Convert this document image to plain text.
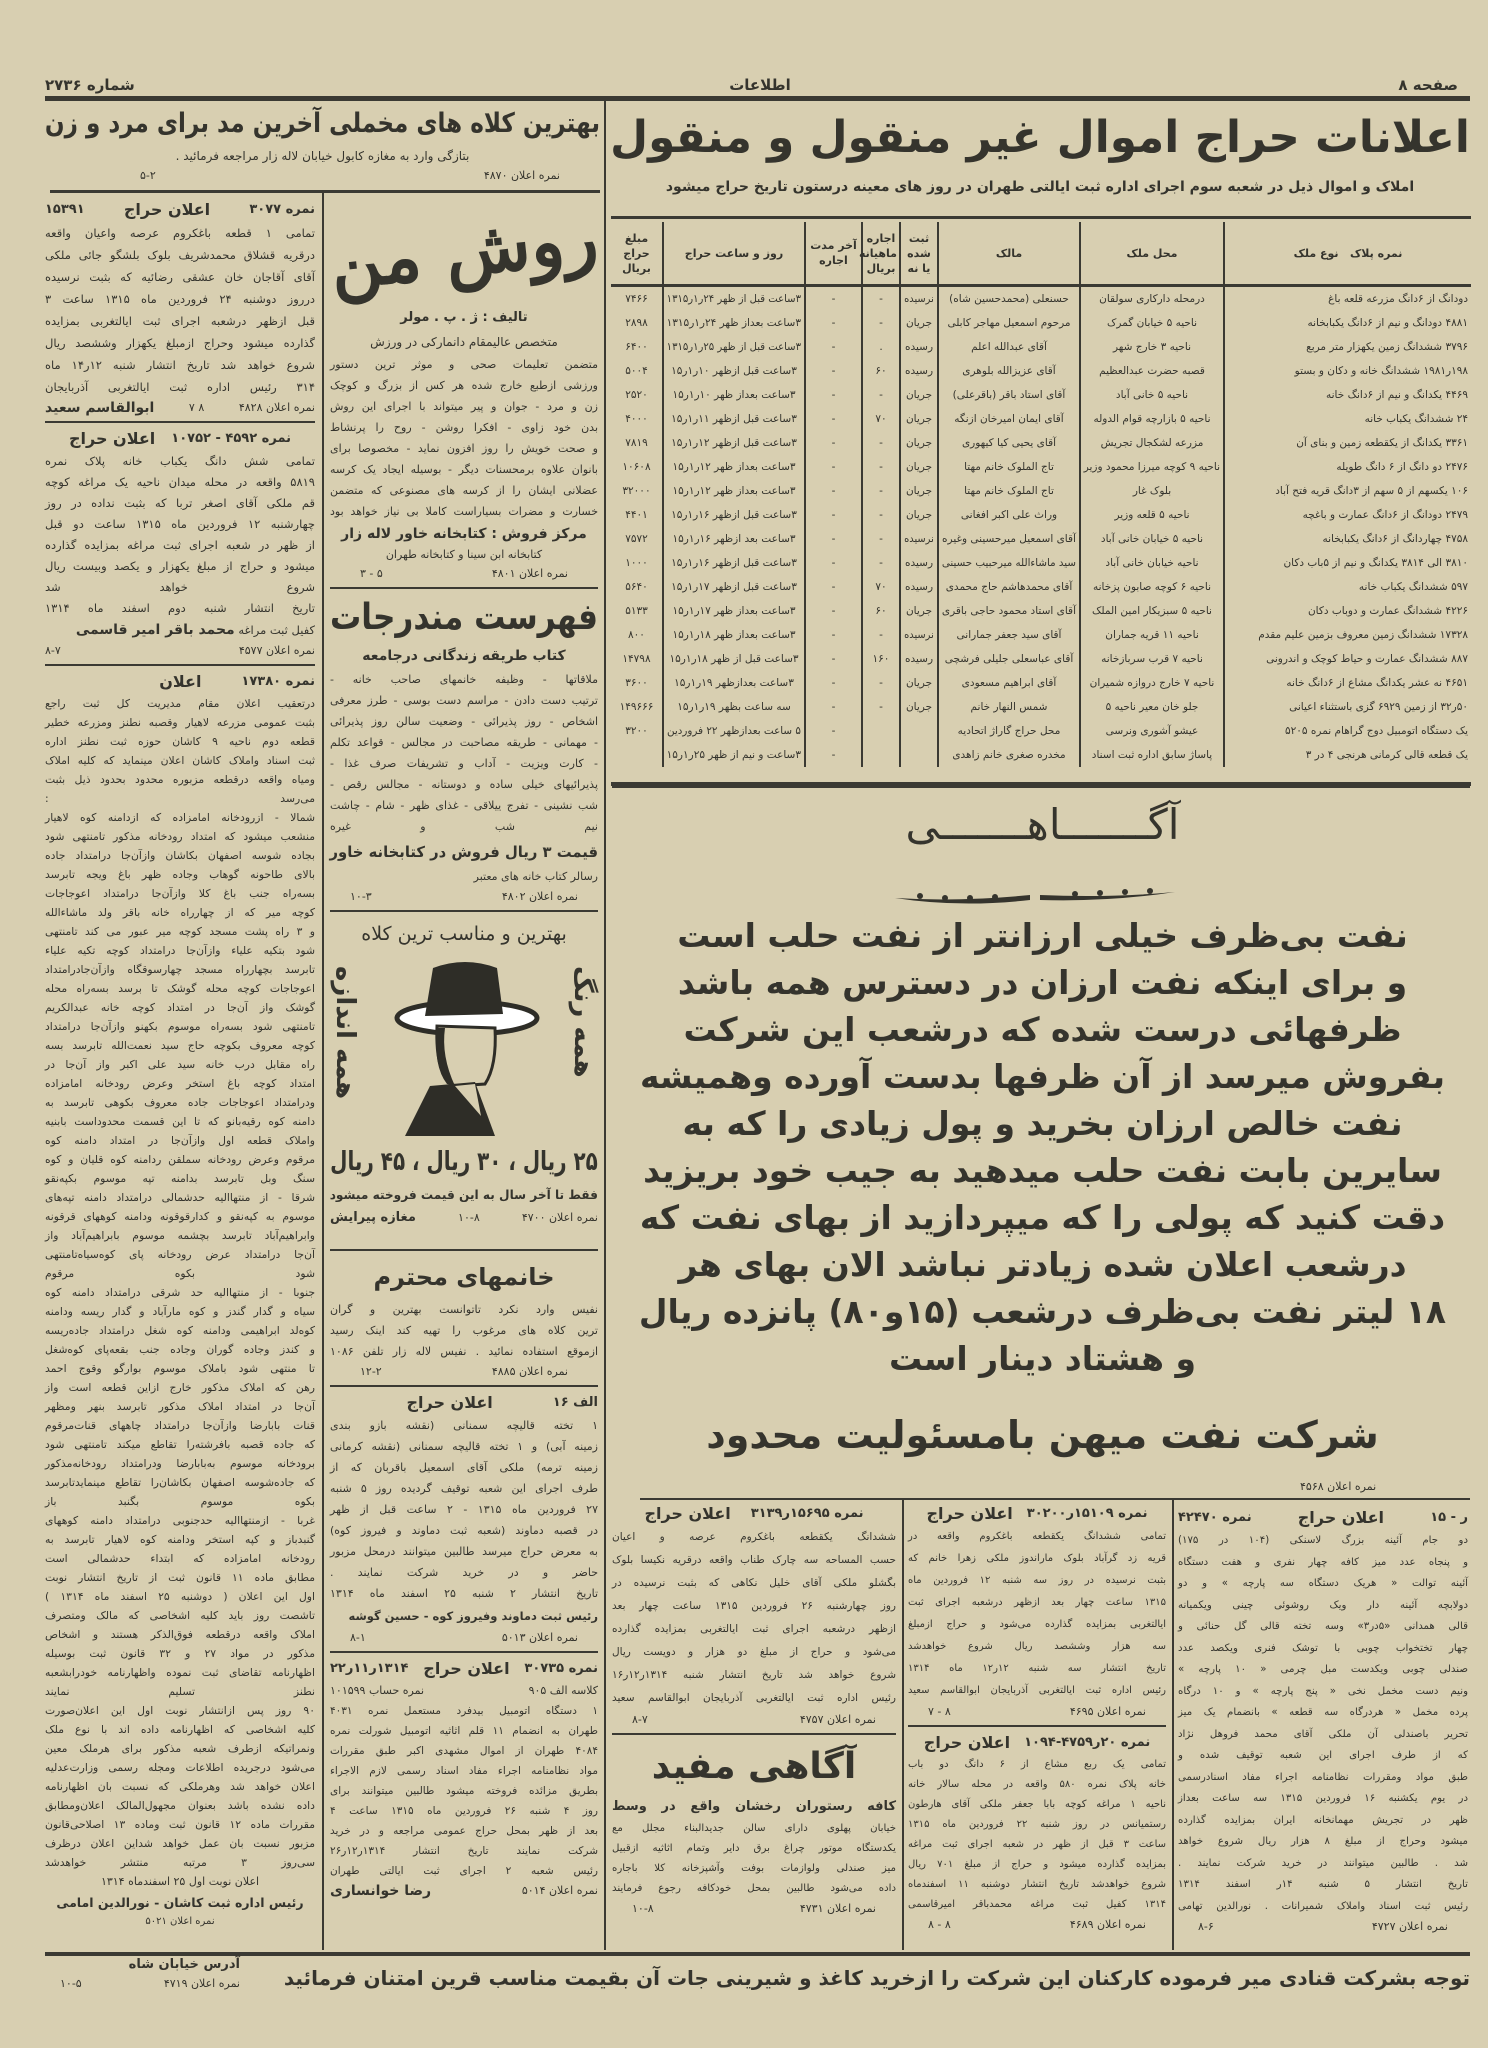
صفحه ۸
اطلاعات
شماره ۲۷۳۶
اعلانات حراج اموال غیر منقول و منقول
املاک و اموال ذیل در شعبه سوم اجرای اداره ثبت ایالتی طهران در روز های معینه درستون تاریخ حراج میشود
نمره پلاک   نوع ملک	محل ملک	مالک	ثبت شده یا نه	اجاره ماهیانه بریال	آخر مدت اجاره	روز و ساعت حراج	مبلغ حراج بریال

دودانگ از ۶دانگ مزرعه قلعه باغ	درمحله دارکاری سولقان	حسنعلی (محمدحسین شاه)	نرسیده	-	-	۳ساعت قبل از ظهر ۲۴ر۱ر۱۳۱۵	۷۴۶۶

۴۸۸۱ دودانگ و نیم از ۶دانگ یکبابخانه	ناحیه ۵ خیابان گمرک	مرحوم اسمعیل مهاجر کابلی	جریان	-	-	۳ساعت بعداز ظهر ۲۴ر۱ر۱۳۱۵	۲۸۹۸

۳۷۹۶ ششدانگ زمین یکهزار متر مربع	ناحیه ۳ خارج شهر	آقای عبدالله اعلم	رسیده	.	-	۳ساعت قبل از ظهر ۲۵ر۱ر۱۳۱۵	۶۴۰۰

۱۹۸ر۱۹۸۱ ششدانگ خانه و دکان و بستو	قصبه حضرت عبدالعظیم	آقای عزیزالله بلوهری	رسیده	۶۰	-	۳ساعت قبل ازظهر ۱۰ر۱ر۱۵	۵۰۰۴

۴۴۶۹ یکدانگ و نیم از ۶دانگ خانه	ناحیه ۵ خانی آباد	آقای استاد باقر (باقرعلی)	جریان	-	-	۳ساعت بعداز ظهر ۱۰ر۱ر۱۵	۲۵۲۰

۲۴ ششدانگ یکباب خانه	ناحیه ۵ بازارچه قوام الدوله	آقای ایمان امیرخان ازنگه	جریان	۷۰	-	۳ساعت قبل ازظهر ۱۱ر۱ر۱۵	۴۰۰۰

۳۳۶۱ یکدانگ از یکقطعه زمین و بنای آن	مزرعه لشکجال تجریش	آقای یحیی کیا کیهوری	جریان	-	-	۳ساعت قبل ازظهر ۱۲ر۱ر۱۵	۷۸۱۹

۲۴۷۶ دو دانگ از ۶ دانگ طویله	ناحیه ۹ کوچه میرزا محمود وزیر	تاج الملوک خانم مهتا	جریان	-	-	۳ساعت بعداز ظهر ۱۲ر۱ر۱۵	۱۰۶۰۸

۱۰۶ یکسهم از ۵ سهم از ۳دانگ قریه فتح آباد	بلوک غار	تاج الملوک خانم مهتا	جریان	-	-	۳ساعت بعداز ظهر ۱۲ر۱ر۱۵	۳۲۰۰۰

۲۴۷۹ دودانگ از ۶دانگ عمارت و باغچه	ناحیه ۵ قلعه وزیر	وراث علی اکبر افغانی	جریان	-	-	۳ساعت قبل ازظهر ۱۶ر۱ر۱۵	۴۴۰۱

۴۷۵۸ چهاردانگ از ۶دانگ یکبابخانه	ناحیه ۵ خیابان خانی آباد	آقای اسمعیل میرحسینی وغیره	نرسیده	-	-	۳ساعت بعد ازظهر ۱۶ر۱ر۱۵	۷۵۷۲

۳۸۱۰ الی ۳۸۱۴ یکدانگ و نیم از ۵باب دکان	ناحیه خیابان خانی آباد	سید ماشاءالله میرحبیب حسینی	رسیده	-	-	۳ساعت قبل ازظهر ۱۶ر۱ر۱۵	۱۰۰۰

۵۹۷ ششدانگ یکباب خانه	ناحیه ۶ کوچه صابون پزخانه	آقای محمدهاشم حاج محمدی	رسیده	۷۰	-	۳ساعت قبل ازظهر ۱۷ر۱ر۱۵	۵۶۴۰

۴۲۲۶ ششدانگ عمارت و دوباب دکان	ناحیه ۵ سبزیکار امین الملک	آقای استاد محمود حاجی باقری	جریان	۶۰	-	۳ساعت بعداز ظهر ۱۷ر۱ر۱۵	۵۱۳۳

۱۷۳۲۸ ششدانگ زمین معروف بزمین علیم مقدم	ناحیه ۱۱ قریه جماران	آقای سید جعفر جمارانی	نرسیده	-	-	۳ساعت بعداز ظهر ۱۸ر۱ر۱۵	۸۰۰

۸۸۷ ششدانگ عمارت و حیاط کوچک و اندرونی	ناحیه ۷ قرب سربازخانه	آقای عباسعلی جلیلی فرشچی	رسیده	۱۶۰	-	۳ساعت قبل از ظهر ۱۸ر۱ر۱۵	۱۴۷۹۸

۴۶۵۱ نه عشر یکدانگ مشاع از ۶دانگ خانه	ناحیه ۷ خارج دروازه شمیران	آقای ابراهیم مسعودی	جریان	-	-	۳ساعت بعدازظهر ۱۹ر۱ر۱۵	۳۶۰۰

۵۰ر۳۲ از زمین ۶۹۲۹ گزی باستثناء اعیانی	جلو خان معیر ناحیه ۵	شمس النهار خانم	جریان	-	-	سه ساعت بظهر ۱۹ر۱ر۱۵	۱۴۹۶۶۶

یک دستگاه اتومبیل دوج گراهام نمره ۵۲۰۵	عیشو آشوری ونرسی	محل حراج گاراژ اتحادیه			-	۵ ساعت بعدازظهر ۲۲ فروردین	۳۲۰۰

یک قطعه قالی کرمانی هرنجی ۴ در ۳	پاساژ سابق اداره ثبت اسناد	مخدره صغری خانم زاهدی			-	۳ساعت و نیم از ظهر ۲۵ر۱ر۱۵	

بهترین کلاه های مخملی آخرین مد برای مرد و زن
بتازگی وارد به مغازه کابول خیابان لاله زار مراجعه فرمائید .
نمره اعلان ۴۸۷۰
۵-۲
نمره ۳۰۷۷
اعلان حراج
۱۵۳۹۱
تمامی ۱ قطعه باغکروم عرصه واعیان واقعه
درقریه قشلاق محمدشریف بلوک بلشگو جائی ملکی
آقای آقاجان خان عشقی رضائیه که بثبت نرسیده
درروز دوشنبه ۲۴ فروردین ماه ۱۳۱۵ ساعت ۳
قبل ازظهر درشعبه اجرای ثبت ایالتغربی بمزایده
گذارده میشود وحراج ازمبلغ یکهزار وششصد ریال
شروع خواهد شد تاریخ انتشار شنبه ۱۲ر۱۴ ماه
۳۱۴ رئیس اداره ثبت ایالتغربی آذربایجان
نمره اعلان ۴۸۲۸
۸ ۷
ابوالقاسم سعید
نمره ۴۵۹۲ - ۱۰۷۵۲
اعلان حراج
تمامی شش دانگ یکباب خانه پلاک نمره
۵۸۱۹ واقعه در محله میدان ناحیه یک مراغه کوچه
قم ملکی آقای اصغر تربا که بثبت نداده در روز
چهارشنبه ۱۲ فروردین ماه ۱۳۱۵ ساعت دو قبل
از ظهر در شعبه اجرای ثبت مراغه بمزایده گذارده
میشود و حراج از مبلغ یکهزار و یکصد وبیست ریال
شروع خواهد شد
تاریخ انتشار شنبه دوم اسفند ماه ۱۳۱۴
کفیل ثبت مراغه محمد باقر امیر قاسمی
نمره اعلان ۴۵۷۷
۸-۷
نمره ۱۷۳۸۰
اعلان
درتعقیب اعلان مقام مدیریت کل ثبت راجع
بثبت عمومی مزرعه لاهیار وقصبه نطنز ومزرعه خطیر
قطعه دوم ناحیه ۹ کاشان حوزه ثبت نطنز اداره
ثبت اسناد واملاک کاشان اعلان مینماید که کلیه املاک
ومیاه واقعه درقطعه مزبوره محدود بحدود ذیل بثبت
می‌رسد :
شمالا - ازرودخانه امامزاده که ازدامنه کوه لاهیار
منشعب میشود که امتداد رودخانه مذکور تامنتهی شود
بجاده شوسه اصفهان بکاشان وازآن‌جا درامتداد جاده
بالای طاحونه گوهاب وجاده ظهر باغ ویجه تابرسد
بسه‌راه جنب باغ کلا وازآن‌جا درامتداد اعوجاجات
کوچه میر که از چهارراه خانه باقر ولد ماشاءالله
و ۳ راه پشت مسجد کوچه میر عبور می کند تامنتهی
شود بتکیه علیاء وازآن‌جا درامتداد کوچه تکیه علیاء
تابرسد بچهارراه مسجد چهارسوقگاه وازآن‌جادرامتداد
اعوجاجات کوچه محله گوشک تا برسد بسه‌راه محله
گوشک واز آن‌جا در امتداد کوچه خانه عبدالکریم
تامنتهی شود بسه‌راه موسوم بکهنو وازآن‌جا درامتداد
کوچه معروف بکوچه حاج سید نعمت‌الله تابرسد بسه
راه مقابل درب خانه سید علی اکبر واز آن‌جا در
امتداد کوچه باغ استخر وعرض رودخانه امامزاده
ودرامتداد اعوجاجات جاده معروف بکوهی تابرسد به
دامنه کوه رقیه‌بانو که تا این قسمت محدوداست بابنیه
واملاک قطعه اول وازآن‌جا در امتداد دامنه کوه
مرقوم وعرض رودخانه سملقن ردامنه کوه قلیان و کوه
سنگ وبل تابرسد بدامنه تپه موسوم بکپه‌نقو
شرقا - از منتهاالیه حدشمالی درامتداد دامنه تپه‌های
موسوم به کپه‌نقو و کدارقوقونه ودامنه کوههای قرقونه
وابراهیم‌آباد تابرسد بچشمه موسوم بابراهیم‌آباد واز
آن‌جا درامتداد عرض رودخانه پای کوه‌سیاه‌تامنتهی
شود بکوه مرقوم
جنوبا - از منتهاالیه حد شرقی درامتداد دامنه کوه
سیاه و گدار گندز و کوه مارآباد و گدار ریسه ودامنه
کوه‌لد ابراهیمی ودامنه کوه شغل درامتداد جاده‌ریسه
و کندز وجاده گوران وجاده جنب بقعه‌پای کوه‌شغل
تا منتهی شود باملاک موسوم بوارگو وقوج احمد
رهن که املاک مذکور خارج ازاین قطعه است واز
آن‌جا در امتداد املاک مذکور تابرسد بنهر ومظهر
قنات بابارضا وازآن‌جا درامتداد چاههای قنات‌مرقوم
که جاده قصبه بافرشته‌را تقاطع میکند تامنتهی شود
برودخانه موسوم به‌بابارضا ودرامتداد رودخانه‌مذکور
که جاده‌شوسه اصفهان بکاشان‌را تقاطع مینمایدتابرسد
بکوه موسوم بگنبد باز
غربا - ازمنتهاالیه حدجنوبی درامتداد دامنه کوههای
گنبدباز و کپه استخر ودامنه کوه لاهیار تابرسد به
رودخانه امامزاده که ابتداء حدشمالی است
مطابق ماده ۱۱ قانون ثبت از تاریخ انتشار نوبت
اول این اعلان ( دوشنبه ۲۵ اسفند ماه ۱۳۱۴ )
تاشصت روز باید کلیه اشخاصی که مالک ومتصرف
املاک واقعه درقطعه فوق‌الذکر هستند و اشخاص
مذکور در مواد ۲۷ و ۳۲ قانون ثبت بوسیله
اظهارنامه تقاضای ثبت نموده واظهارنامه خودرابشعبه
نطنز تسلیم نمایند
۹۰ روز پس ازانتشار نوبت اول این اعلان‌صورت
کلیه اشخاصی که اظهارنامه داده اند با نوع ملک
ونمراتیکه ازطرف شعبه مذکور برای هرملک معین
می‌شود درجریده اطلاعات ومجله رسمی وزارت‌عدلیه
اعلان خواهد شد وهرملکی که نسبت بان اظهارنامه
داده نشده باشد بعنوان مجهول‌المالک اعلان‌ومطابق
مقررات ماده ۱۲ قانون ثبت وماده ۱۳ اصلاحی‌قانون
مزبور نسبت بان عمل خواهد شد‌این اعلان درظرف
سی‌روز ۳ مرتبه منتشر خواهدشد
اعلان نوبت اول ۲۵ اسفندماه ۱۳۱۴
رئیس اداره ثبت کاشان - نورالدین امامی
نمره اعلان ۵۰۲۱
روش من
تالیف : ژ . پ . مولر
متخصص عالیمقام دانمارکی در ورزش
متضمن تعلیمات صحی و موثر ترین دستور
ورزشی ازطبع خارج شده هر کس از بزرگ و کوچک
زن و مرد - جوان و پیر میتواند با اجرای این روش
بدن خود زاوی - افکرا روشن - روح را پرنشاط
و صحت خویش را روز افزون نماید - مخصوصا برای
بانوان علاوه برمحسنات دیگر - بوسیله ایجاد یک کرسه
عضلانی ایشان را از کرسه های مصنوعی که متضمن
خسارت و مضرات بسیاراست کاملا بی نیاز خواهد بود
مرکز فروش : کتابخانه خاور لاله زار
کتابخانه ابن سینا و کتابخانه طهران
نمره اعلان ۴۸۰۱
۵ - ۳
فهرست مندرجات
کتاب طریقه زندگانی درجامعه
ملاقاتها - وظیفه خانمهای صاحب خانه -
ترتیب دست دادن - مراسم دست بوسی - طرز معرفی
اشخاص - روز پذیرائی - وضعیت سالن روز پذیرائی
- مهمانی - طریقه مصاحبت در مجالس - قواعد تکلم
- کارت ویزیت - آداب و تشریفات صرف غذا -
پذیرائیهای خیلی ساده و دوستانه - مجالس رقص -
شب نشینی - تفرج ییلاقی - غذای ظهر - شام - چاشت
نیم شب و غیره
قیمت ۳ ریال فروش در کتابخانه خاور
رسالر کتاب خانه های معتبر
نمره اعلان ۴۸۰۲
۱۰-۳
بهترین و مناسب ترین کلاه
همه رنگ
همه اندازه
۲۵ ریال ، ۳۰ ریال ، ۴۵ ریال
فقط تا آخر سال به این قیمت فروخته میشود
نمره اعلان ۴۷۰۰
۱۰-۸
مغازه پیرایش
خانمهای محترم
نفیس وارد نکرد تاتوانست بهترین و گران
ترین کلاه های مرغوب را تهیه کند اینک رسید
ازموقع استفاده نمائید . نفیس لاله زار تلفن ۱۰۸۶
نمره اعلان ۴۸۸۵
۱۲-۲
الف ۱۶
اعلان حراج
۱ تخته قالیچه سمنانی (نقشه بازو بندی
زمینه آبی) و ۱ تخته قالیچه سمنانی (نقشه کرمانی
زمینه ترمه) ملکی آقای اسمعیل باقربان که از
طرف اجرای این شعبه توقیف گردیده روز ۵ شنبه
۲۷ فروردین ماه ۱۳۱۵ - ۲ ساعت قبل از ظهر
در قصبه دماوند (شعبه ثبت دماوند و فیروز کوه)
به معرض حراج میرسد طالبین میتوانند درمحل مزبور
حاضر و در خرید شرکت نمایند .
تاریخ انتشار ۲ شنبه ۲۵ اسفند ماه ۱۳۱۴
رئیس ثبت دماوند وفیروز کوه - حسین گوشه
نمره اعلان ۵۰۱۳
۸-۱
نمره ۳۰۷۳۵
اعلان حراج
۱۳۱۴ر۱۱ر۲۲
کلاسه الف ۹۰۵
نمره حساب ۱۰۱۵۹۹
۱ دستگاه اتومبیل بیدفرد مستعمل نمره ۴۰۳۱
طهران به انضمام ۱۱ قلم اثاثیه اتومبیل شورلت نمره
۴۰۸۴ طهران از اموال مشهدی اکبر طبق مقررات
مواد نظامنامه اجراء مفاد اسناد رسمی لازم الاجراء
بطریق مزائده فروخته میشود طالبین میتوانند برای
روز ۴ شنبه ۲۶ فروردین ماه ۱۳۱۵ ساعت ۴
بعد از ظهر بمحل حراج عمومی مراجعه و در خرید
شرکت نمایند تاریخ انتشار ۱۳۱۴ر۱۲ر۲۶
رئیس شعبه ۲ اجرای ثبت ایالتی طهران
نمره اعلان ۵۰۱۴
رضا خوانساری
آگـــــــاهـــــــی
نفت بی‌ظرف خیلی ارزانتر از نفت حلب است
و برای اینکه نفت ارزان در دسترس همه باشد
ظرفهائی درست شده که درشعب این شرکت
بفروش میرسد از آن ظرفها بدست آورده وهمیشه
نفت خالص ارزان بخرید و پول زیادی را که به
سایرین بابت نفت حلب میدهید به جیب خود بریزید
دقت کنید که پولی را که میپردازید از بهای نفت که
درشعب اعلان شده زیادتر نباشد الان بهای هر
۱۸ لیتر نفت بی‌ظرف درشعب (۱۵و۸۰) پانزده ریال
و هشتاد دینار است
شرکت نفت میهن بامسئولیت محدود
نمره اعلان ۴۵۶۸
نمره ۱۵۶۹۵ر۳۱۳۹
اعلان حراج
ششدانگ یکقطعه باغکروم عرصه و اعیان
حسب المساحه سه چارک طناب واقعه درقریه نکیسا بلوک
بگشلو ملکی آقای خلیل نکاهی که بثبت نرسیده در
روز چهارشنبه ۲۶ فروردین ۱۳۱۵ ساعت چهار بعد
ازظهر درشعبه اجرای ثبت ایالتغربی بمزایده گذارده
می‌شود و حراج از مبلغ دو هزار و دویست ریال
شروع خواهد شد تاریخ انتشار شنبه ۱۳۱۴ر۱۲ر۱۶
رئیس اداره ثبت ایالتغربی آذربایجان ابوالقاسم سعید
نمره اعلان ۴۷۵۷
۸-۷
آگاهی مفید
کافه رستوران رخشان واقع در وسط
خیابان پهلوی دارای سالن جدیدالبناء مجلل مع
یکدستگاه موتور چراغ برق دایر وتمام اثاثیه ازقبیل
میز صندلی ولوازمات بوفت وآشپزخانه کلا باجاره
داده می‌شود طالبین بمحل خودکافه رجوع فرمایند
نمره اعلان ۴۷۳۱
۱۰-۸
نمره ۱۵۱۰۹ر۳۰۲۰۰
اعلان حراج
تمامی ششدانگ یکقطعه باغکروم واقعه در
قریه زد گرآباد بلوک ماراندوز ملکی زهرا خانم که
بثبت نرسیده در روز سه شنبه ۱۲ فروردین ماه
۱۳۱۵ ساعت چهار بعد ازظهر درشعبه اجرای ثبت
ایالتغربی بمزایده گذارده می‌شود و حراج ازمبلغ
سه هزار وششصد ریال شروع خواهدشد
تاریخ انتشار سه شنبه ۱۲ر۱۲ ماه ۱۳۱۴
رئیس اداره ثبت ایالتغربی آذربایجان ابوالقاسم سعید
نمره اعلان ۴۶۹۵
۸ - ۷
نمره ۲۰ر۴۷۵۹-۱۰۹۴
اعلان حراج
تمامی یک ربع مشاع از ۶ دانگ دو باب
خانه پلاک نمره ۵۸۰ واقعه در محله سالار خانه
ناحیه ۱ مراغه کوچه بابا جعفر ملکی آقای هارطون
رستمیانس در روز شنبه ۲۲ فروردین ماه ۱۳۱۵
ساعت ۳ قبل از ظهر در شعبه اجرای ثبت مراغه
بمزایده گذارده میشود و حراج از مبلغ ۷۰۱ ریال
شروع خواهدشد تاریخ انتشار دوشنبه ۱۱ اسفندماه
۱۳۱۴ کفیل ثبت مراغه محمدباقر امیرقاسمی
نمره اعلان ۴۶۸۹
۸ - ۸
ر - ۱۵
اعلان حراج
نمره ۴۲۴۷۰
دو جام آئینه بزرگ لاسنکی (۱۰۴ در ۱۷۵)
و پنجاه عدد میز کافه چهار نفری و هفت دستگاه
آئینه توالت « هریک دستگاه سه پارچه » و دو
دولابچه آئینه دار ویک روشوئی چینی ویکمیانه
قالی همدانی «۵در۳» وسه تخته قالی گل حنائی و
چهار تختخواب چوبی با توشک فنری ویکصد عدد
صندلی چوبی ویکدست مبل چرمی « ۱۰ پارچه »
ونیم دست مخمل نخی « پنج پارچه » و ۱۰ درگاه
پرده مخمل « هردرگاه سه قطعه » بانضمام یک میز
تحریر باصندلی آن ملکی آقای محمد فروهل نژاد
که از طرف اجرای این شعبه توقیف شده و
طبق مواد ومقررات نظامنامه اجراء مفاد اسنادرسمی
در یوم یکشنبه ۱۶ فروردین ۱۳۱۵ سه ساعت بعداز
ظهر در تجریش مهمانخانه ایران بمزایده گذارده
میشود وحراج از مبلغ ۸ هزار ریال شروع خواهد
شد . طالبین میتوانند در خرید شرکت نمایند .
تاریخ انتشار ۵ شنبه ۱۴ر اسفند ۱۳۱۴
رئیس ثبت اسناد واملاک شمیرانات . نورالدین تهامی
نمره اعلان ۴۷۲۷
۸-۶
توجه بشرکت قنادی میر فرموده کارکنان این شرکت را ازخرید کاغذ و شیرینی جات آن بقیمت مناسب قرین امتنان فرمائید
آدرس خیابان شاه
نمره اعلان ۴۷۱۹
۱۰-۵
